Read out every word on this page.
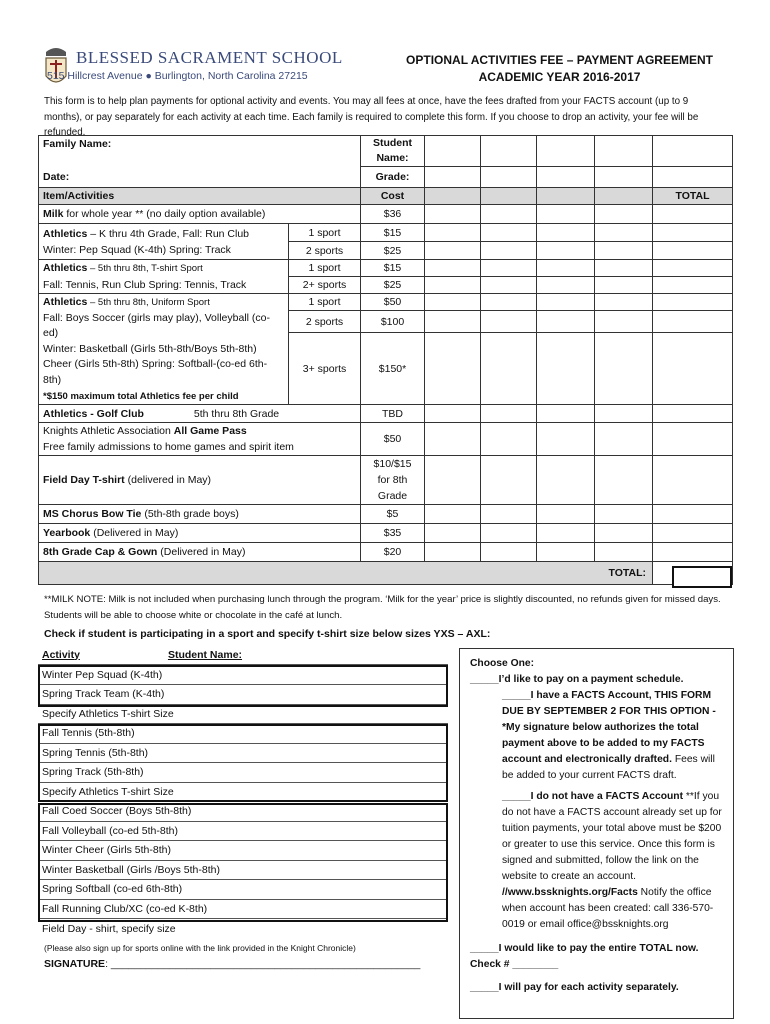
BLESSED SACRAMENT SCHOOL
515 Hillcrest Avenue ● Burlington, North Carolina 27215
OPTIONAL ACTIVITIES FEE – PAYMENT AGREEMENT
ACADEMIC YEAR 2016-2017
This form is to help plan payments for optional activity and events. You may all fees at once, have the fees drafted from your FACTS account (up to 9 months), or pay separately for each activity at each time. Each family is required to complete this form. If you choose to drop an activity, your fee will be refunded.
Family Name:		Student Name:					
Date:		Grade:					
Item/Activities		Cost					TOTAL
Milk for whole year ** (no daily option available)		$36					
Athletics – K thru 4th Grade, Fall: Run Club
Winter: Pep Squad (K-4th) Spring: Track	1 sport	$15					
	2 sports	$25					
Athletics – 5th thru 8th, T-shirt Sport
Fall: Tennis, Run Club Spring: Tennis, Track	1 sport	$15					
	2+ sports	$25					
Athletics – 5th thru 8th, Uniform Sport
Fall: Boys Soccer (girls may play), Volleyball (co-ed)
Winter: Basketball (Girls 5th-8th/Boys 5th-8th)
Cheer (Girls 5th-8th) Spring: Softball-(co-ed 6th-8th)
*$150 maximum total Athletics fee per child	1 sport	$50					
	2 sports	$100					
	3+ sports	$150*					
Athletics - Golf Club 5th thru 8th Grade		TBD					
Knights Athletic Association All Game Pass
Free family admissions to home games and spirit item		$50					
Field Day T-shirt (delivered in May)		$10/$15
for 8th
Grade					
MS Chorus Bow Tie (5th-8th grade boys)		$5					
Yearbook (Delivered in May)		$35					
8th Grade Cap & Gown (Delivered in May)		$20					
TOTAL:							
**MILK NOTE: Milk is not included when purchasing lunch through the program. ‘Milk for the year’ price is slightly discounted, no refunds given for missed days. Students will be able to choose white or chocolate in the café at lunch.
Check if student is participating in a sport and specify t-shirt size below sizes YXS – AXL:
Activity	Student Name:
Winter Pep Squad (K-4th)
Spring Track Team (K-4th)
Specify Athletics T-shirt Size
Fall Tennis (5th-8th)
Spring Tennis (5th-8th)
Spring Track (5th-8th)
Specify Athletics T-shirt Size
Fall Coed Soccer (Boys 5th-8th)
Fall Volleyball (co-ed 5th-8th)
Winter Cheer (Girls 5th-8th)
Winter Basketball (Girls /Boys 5th-8th)
Spring Softball (co-ed 6th-8th)
Fall Running Club/XC (co-ed K-8th)
Field Day - shirt, specify size
(Please also sign up for sports online with the link provided in the Knight Chronicle)
SIGNATURE: _____________________________________________________
Choose One:
_____I’d like to pay on a payment schedule.
_____I have a FACTS Account, THIS FORM DUE BY SEPTEMBER 2 FOR THIS OPTION - *My signature below authorizes the total payment above to be added to my FACTS account and electronically drafted. Fees will be added to your current FACTS draft.
_____I do not have a FACTS Account **If you do not have a FACTS account already set up for tuition payments, your total above must be $200 or greater to use this service. Once this form is signed and submitted, follow the link on the website to create an account. //www.bssknights.org/Facts Notify the office when account has been created: call 336-570-0019 or email office@bssknights.org
_____I would like to pay the entire TOTAL now. Check # ________
_____I will pay for each activity separately.
